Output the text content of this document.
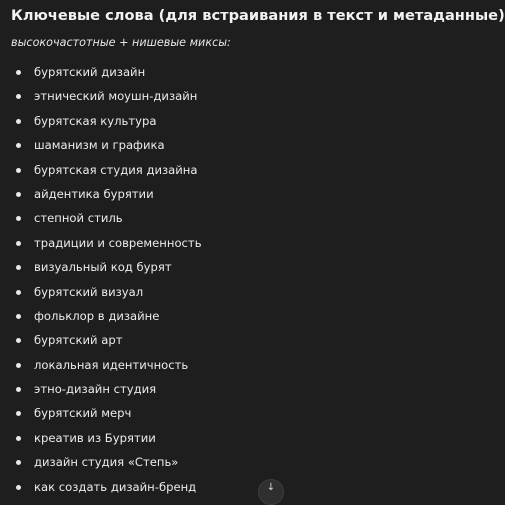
Ключевые слова (для встраивания в текст и метаданные)

высокочастотные + нишевые миксы:

бурятский дизайн
этнический моушн-дизайн
бурятская культура
шаманизм и графика
бурятская студия дизайна
айдентика бурятии
степной стиль
традиции и современность
визуальный код бурят
бурятский визуал
фольклор в дизайне
бурятский арт
локальная идентичность
этно-дизайн студия
бурятский мерч
креатив из Бурятии
дизайн студия «Степь»
как создать дизайн-бренд	↓
